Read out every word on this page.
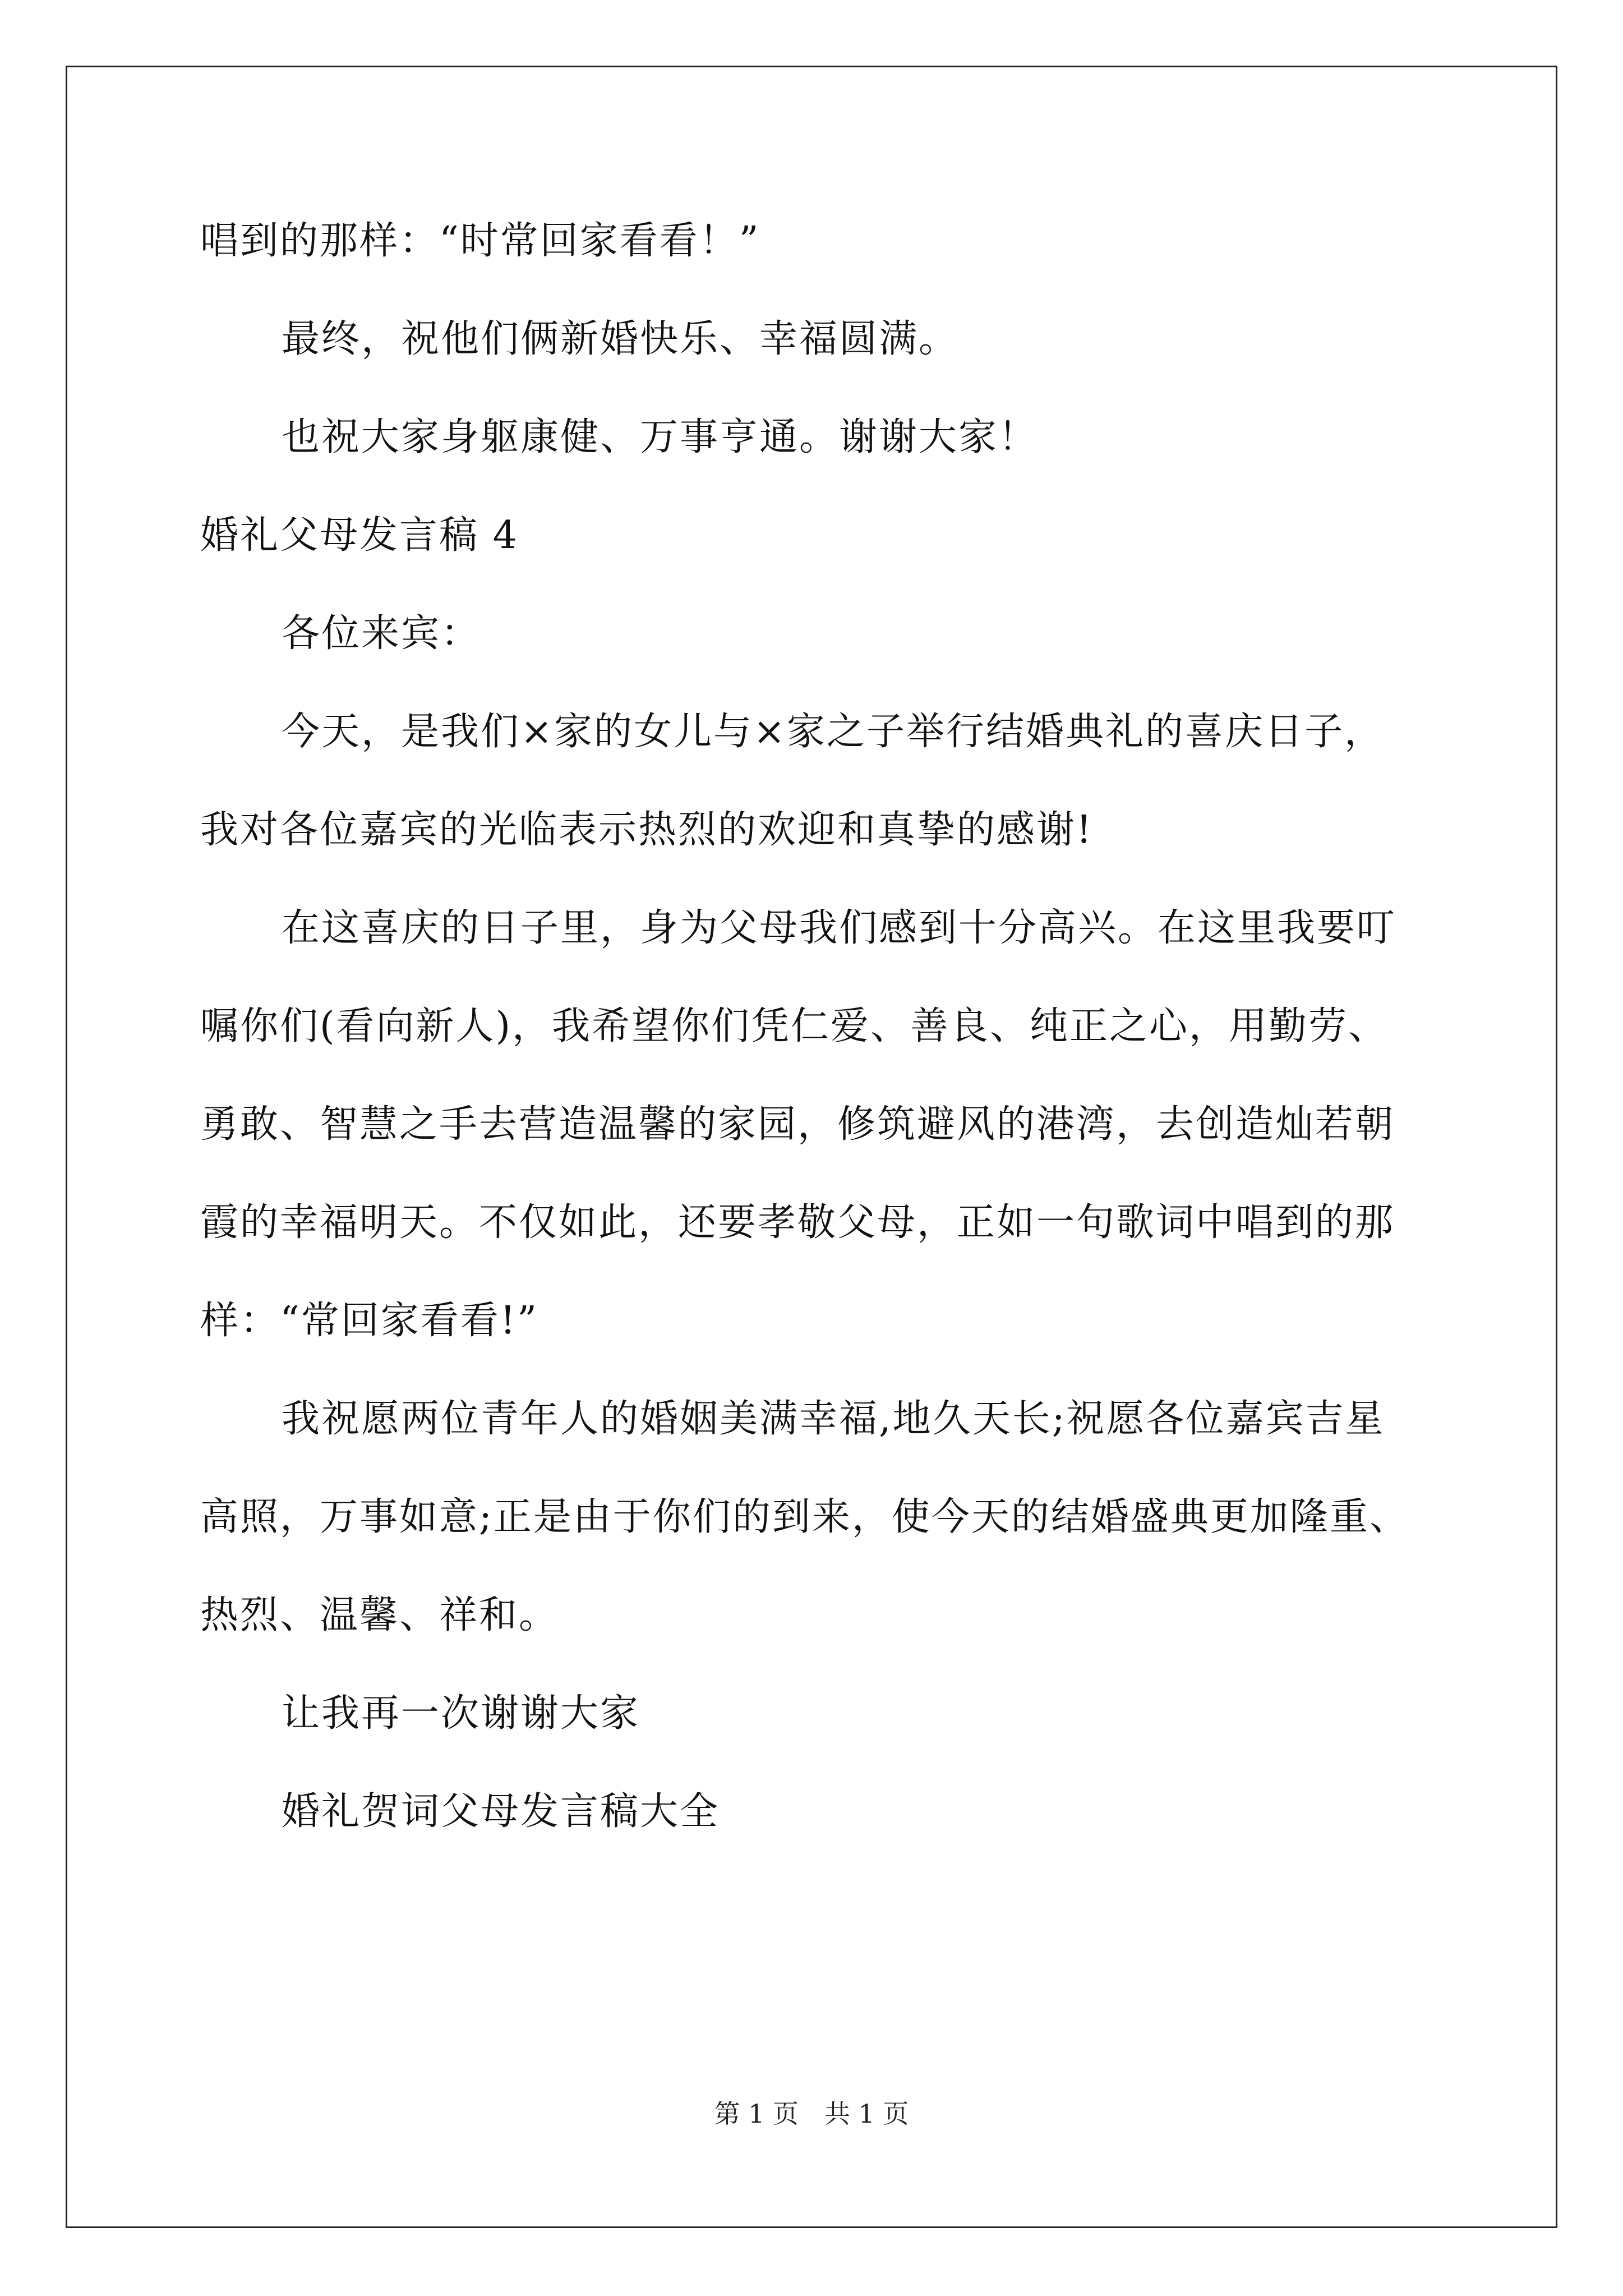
唱到的那样：“时常回家看看！”

最终，祝他们俩新婚快乐、幸福圆满。

也祝大家身躯康健、万事亨通。谢谢大家！

婚礼父母发言稿 4

各位来宾：

今天，是我们×家的女儿与×家之子举行结婚典礼的喜庆日子，
我对各位嘉宾的光临表示热烈的欢迎和真挚的感谢!

在这喜庆的日子里，身为父母我们感到十分高兴。在这里我要叮
嘱你们(看向新人)，我希望你们凭仁爱、善良、纯正之心，用勤劳、
勇敢、智慧之手去营造温馨的家园，修筑避风的港湾，去创造灿若朝
霞的幸福明天。不仅如此，还要孝敬父母，正如一句歌词中唱到的那
样：“常回家看看!”

我祝愿两位青年人的婚姻美满幸福,地久天长;祝愿各位嘉宾吉星
高照，万事如意;正是由于你们的到来，使今天的结婚盛典更加隆重、
热烈、温馨、祥和。

让我再一次谢谢大家

婚礼贺词父母发言稿大全

第 1 页　共 1 页
